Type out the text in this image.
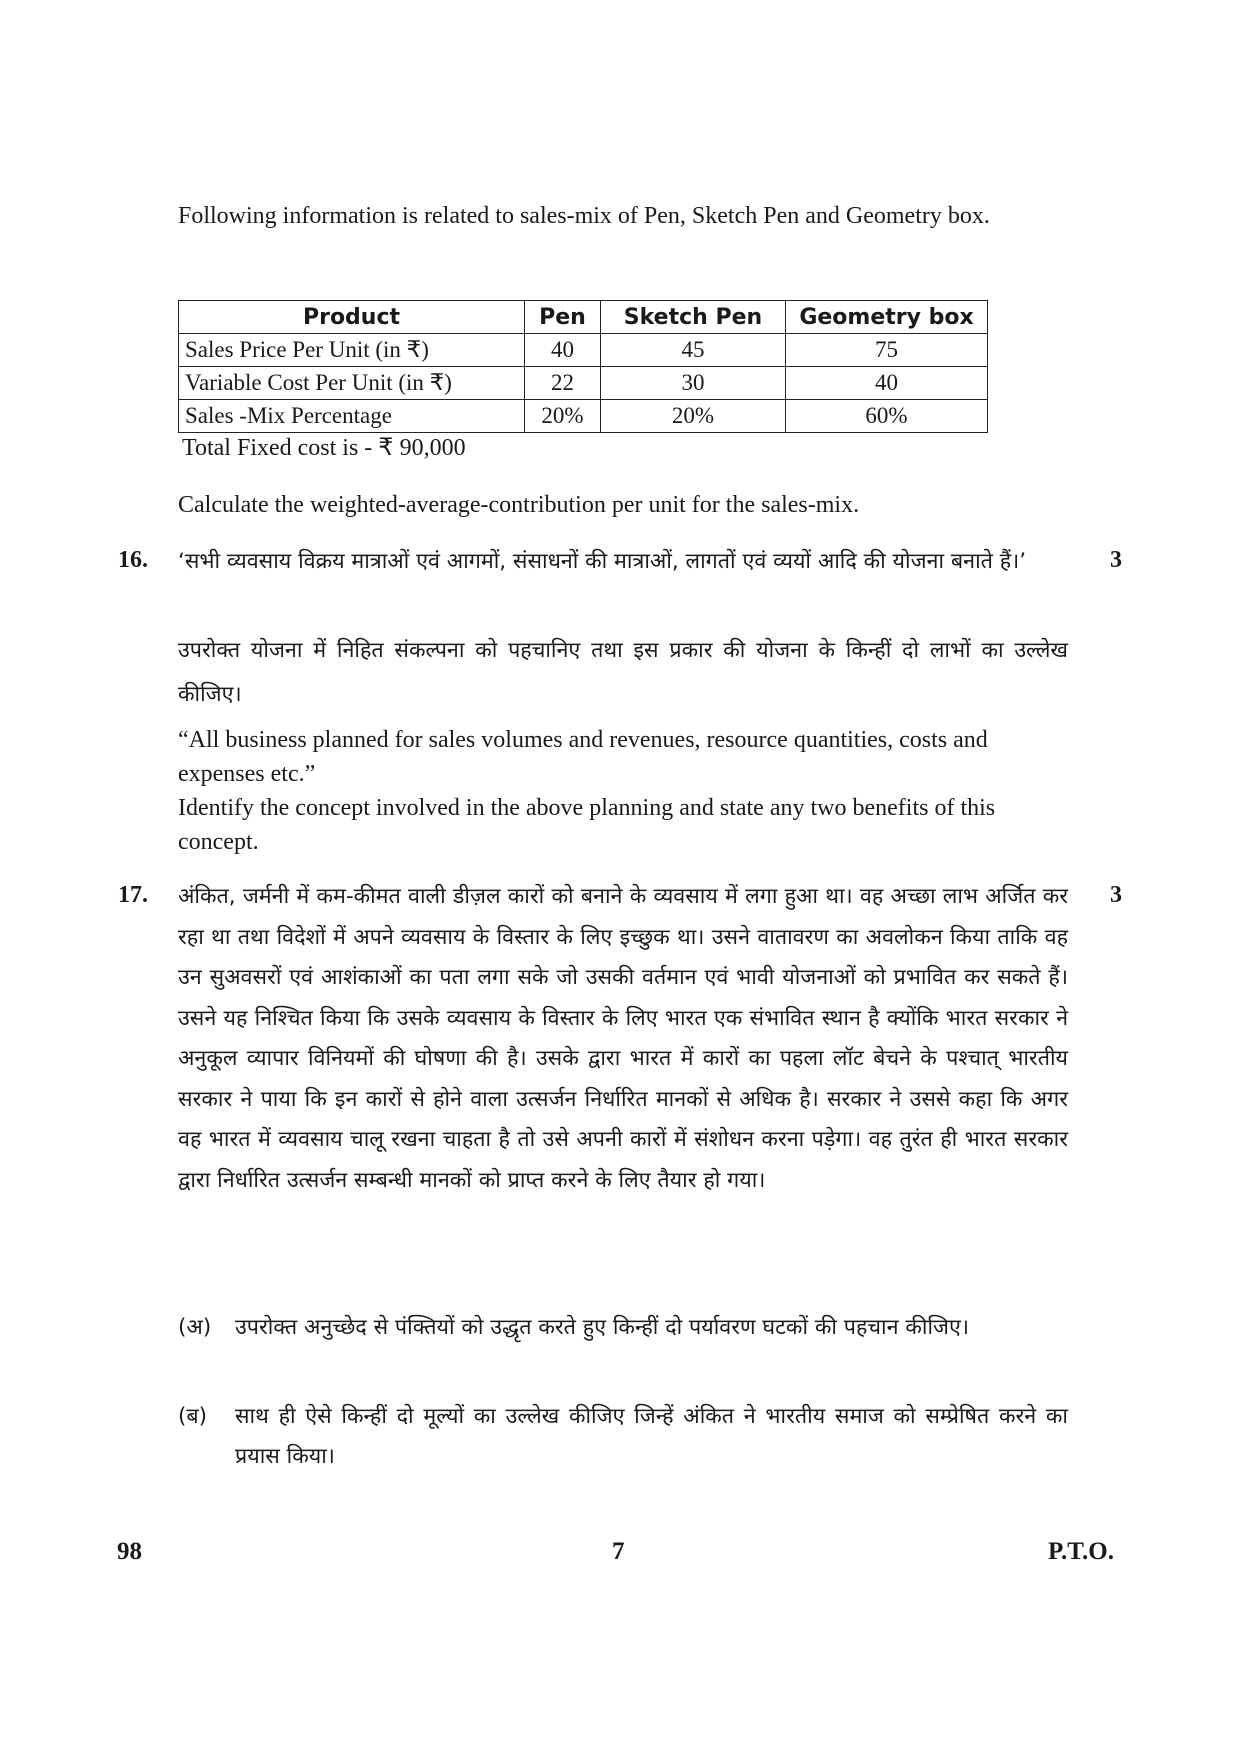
Following information is related to sales-mix of Pen, Sketch Pen and Geometry box.
Product	Pen	Sketch Pen	Geometry box
Sales Price Per Unit (in ₹)	40	45	75
Variable Cost Per Unit (in ₹)	22	30	40
Sales -Mix Percentage	20%	20%	60%
Total Fixed cost is - ₹ 90,000
Calculate the weighted-average-contribution per unit for the sales-mix.
16.	3
‘सभी व्यवसाय विक्रय मात्राओं एवं आगमों, संसाधनों की मात्राओं, लागतों एवं व्ययों आदि की योजना बनाते हैं।’
उपरोक्त योजना में निहित संकल्पना को पहचानिए तथा इस प्रकार की योजना के किन्हीं दो लाभों का उल्लेख कीजिए।
“All business planned for sales volumes and revenues, resource quantities, costs and expenses etc.”
Identify the concept involved in the above planning and state any two benefits of this concept.
17.	3
अंकित, जर्मनी में कम-कीमत वाली डीज़ल कारों को बनाने के व्यवसाय में लगा हुआ था। वह अच्छा लाभ अर्जित कर रहा था तथा विदेशों में अपने व्यवसाय के विस्तार के लिए इच्छुक था। उसने वातावरण का अवलोकन किया ताकि वह उन सुअवसरों एवं आशंकाओं का पता लगा सके जो उसकी वर्तमान एवं भावी योजनाओं को प्रभावित कर सकते हैं। उसने यह निश्चित किया कि उसके व्यवसाय के विस्तार के लिए भारत एक संभावित स्थान है क्योंकि भारत सरकार ने अनुकूल व्यापार विनियमों की घोषणा की है। उसके द्वारा भारत में कारों का पहला लॉट बेचने के पश्चात् भारतीय सरकार ने पाया कि इन कारों से होने वाला उत्सर्जन निर्धारित मानकों से अधिक है। सरकार ने उससे कहा कि अगर वह भारत में व्यवसाय चालू रखना चाहता है तो उसे अपनी कारों में संशोधन करना पड़ेगा। वह तुरंत ही भारत सरकार द्वारा निर्धारित उत्सर्जन सम्बन्धी मानकों को प्राप्त करने के लिए तैयार हो गया।
(अ) उपरोक्त अनुच्छेद से पंक्तियों को उद्धृत करते हुए किन्हीं दो पर्यावरण घटकों की पहचान कीजिए।
(ब) साथ ही ऐसे किन्हीं दो मूल्यों का उल्लेख कीजिए जिन्हें अंकित ने भारतीय समाज को सम्प्रेषित करने का प्रयास किया।
98	7	P.T.O.
